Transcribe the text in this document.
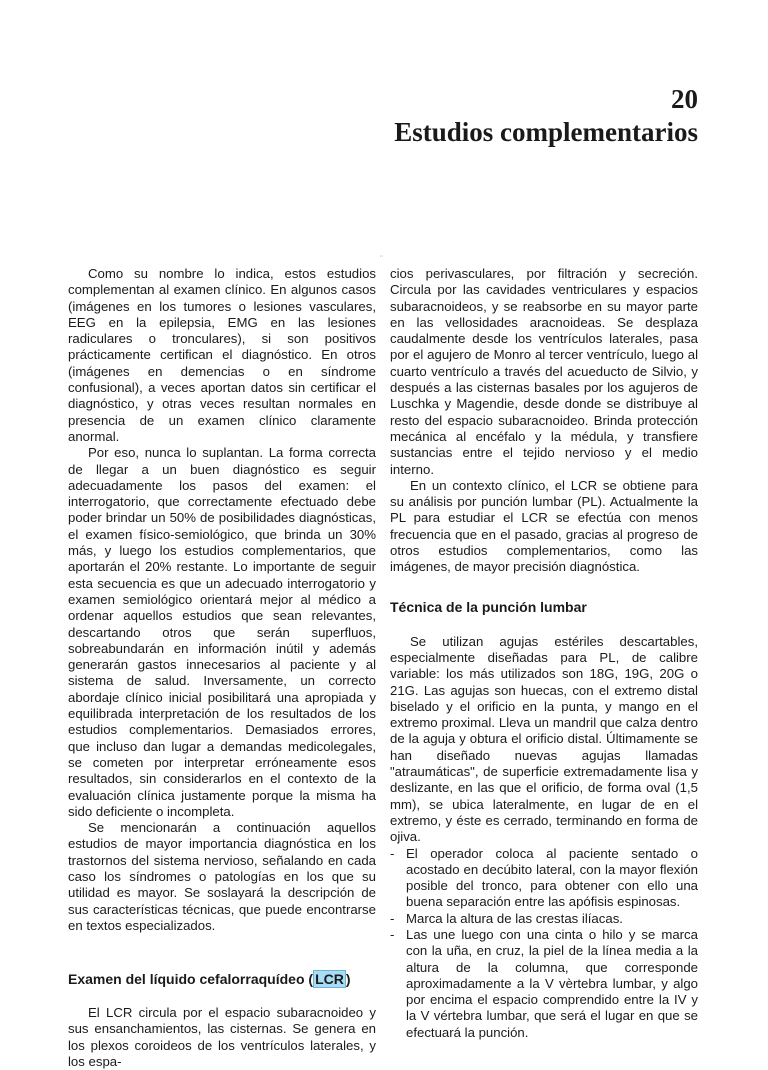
20
Estudios complementarios
¨

Como su nombre lo indica, estos estudios complementan al examen clínico. En algunos casos (imágenes en los tumores o lesiones vasculares, EEG en la epilepsia, EMG en las lesiones radiculares o tronculares), si son positivos prácticamente certifican el diagnóstico. En otros (imágenes en demencias o en síndrome confusional), a veces aportan datos sin certificar el diagnóstico, y otras veces resultan normales en presencia de un examen clínico claramente anormal.

Por eso, nunca lo suplantan. La forma correcta de llegar a un buen diagnóstico es seguir adecuadamente los pasos del examen: el interrogatorio, que correctamente efectuado debe poder brindar un 50% de posibilidades diagnósticas, el examen físico-semiológico, que brinda un 30% más, y luego los estudios complementarios, que aportarán el 20% restante. Lo importante de seguir esta secuencia es que un adecuado interrogatorio y examen semiológico orientará mejor al médico a ordenar aquellos estudios que sean relevantes, descartando otros que serán superfluos, sobreabundarán en información inútil y además generarán gastos innecesarios al paciente y al sistema de salud. Inversamente, un correcto abordaje clínico inicial posibilitará una apropiada y equilibrada interpretación de los resultados de los estudios complementarios. Demasiados errores, que incluso dan lugar a demandas medicolegales, se cometen por interpretar erróneamente esos resultados, sin considerarlos en el contexto de la evaluación clínica justamente porque la misma ha sido deficiente o incompleta.

Se mencionarán a continuación aquellos estudios de mayor importancia diagnóstica en los trastornos del sistema nervioso, señalando en cada caso los síndromes o patologías en los que su utilidad es mayor. Se soslayará la descripción de sus características técnicas, que puede encontrarse en textos especializados.

Examen del líquido cefalorraquídeo ( LCR )

El LCR circula por el espacio subaracnoideo y sus ensanchamientos, las cisternas. Se genera en los plexos coroideos de los ventrículos laterales, y los espa-

cios perivasculares, por filtración y secreción. Circula por las cavidades ventriculares y espacios subaracnoideos, y se reabsorbe en su mayor parte en las vellosidades aracnoideas. Se desplaza caudalmente desde los ventrículos laterales, pasa por el agujero de Monro al tercer ventrículo, luego al cuarto ventrículo a través del acueducto de Silvio, y después a las cisternas basales por los agujeros de Luschka y Magendie, desde donde se distribuye al resto del espacio subaracnoideo. Brinda protección mecánica al encéfalo y la médula, y transfiere sustancias entre el tejido nervioso y el medio interno.

En un contexto clínico, el LCR se obtiene para su análisis por punción lumbar (PL). Actualmente la PL para estudiar el LCR se efectúa con menos frecuencia que en el pasado, gracias al progreso de otros estudios complementarios, como las imágenes, de mayor precisión diagnóstica.

Técnica de la punción lumbar

Se utilizan agujas estériles descartables, especialmente diseñadas para PL, de calibre variable: los más utilizados son 18G, 19G, 20G o 21G. Las agujas son huecas, con el extremo distal biselado y el orificio en la punta, y mango en el extremo proximal. Lleva un mandril que calza dentro de la aguja y obtura el orificio distal. Últimamente se han diseñado nuevas agujas llamadas "atraumáticas", de superficie extremadamente lisa y deslizante, en las que el orificio, de forma oval (1,5 mm), se ubica lateralmente, en lugar de en el extremo, y éste es cerrado, terminando en forma de ojiva.

- El operador coloca al paciente sentado o acostado en decúbito lateral, con la mayor flexión posible del tronco, para obtener con ello una buena separación entre las apófisis espinosas.
- Marca la altura de las crestas ilíacas.
- Las une luego con una cinta o hilo y se marca con la uña, en cruz, la piel de la línea media a la altura de la columna, que corresponde aproximadamente a la V vèrtebra lumbar, y algo por encima el espacio comprendido entre la IV y la V vértebra lumbar, que será el lugar en que se efectuará la punción.
